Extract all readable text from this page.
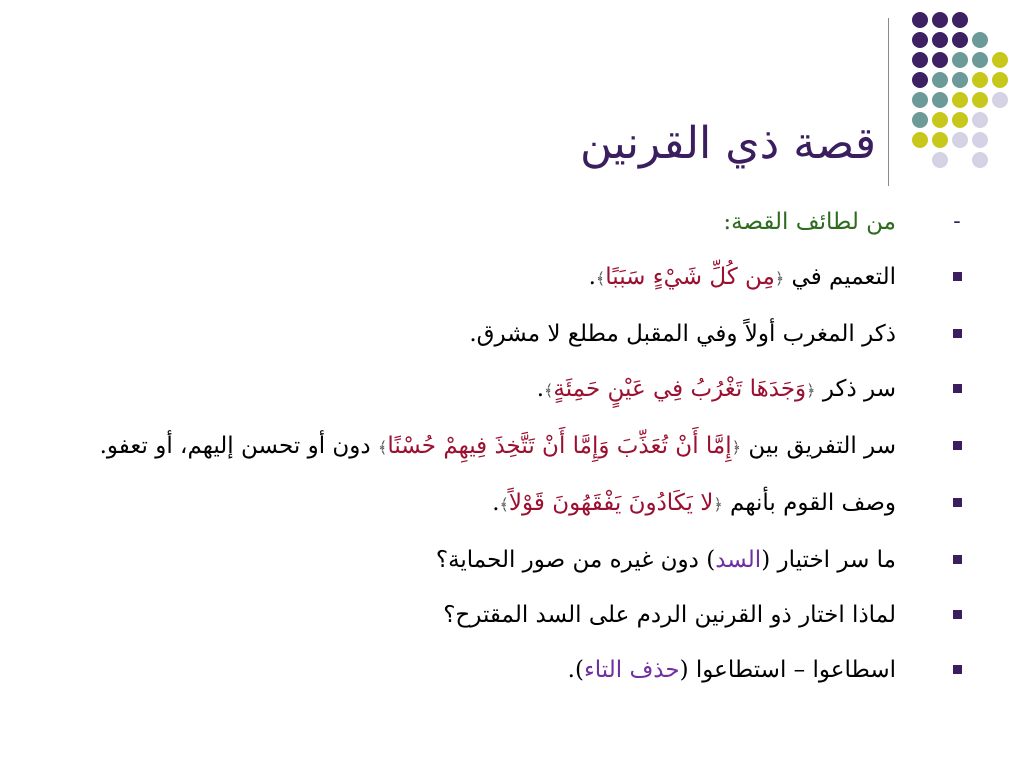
قصة ذي القرنين
-
من لطائف القصة:
التعميم في ﴿مِن كُلِّ شَيْءٍ سَبَبًا﴾.
ذكر المغرب أولاً وفي المقبل مطلع لا مشرق.
سر ذكر ﴿وَجَدَهَا تَغْرُبُ فِي عَيْنٍ حَمِئَةٍ﴾.
سر التفريق بين ﴿إِمَّا أَنْ تُعَذِّبَ وَإِمَّا أَنْ تَتَّخِذَ فِيهِمْ حُسْنًا﴾ دون أو تحسن إليهم، أو تعفو.
وصف القوم بأنهم ﴿لا يَكَادُونَ يَفْقَهُونَ قَوْلاً﴾.
ما سر اختيار (السد) دون غيره من صور الحماية؟
لماذا اختار ذو القرنين الردم على السد المقترح؟
اسطاعوا – استطاعوا (حذف التاء).
